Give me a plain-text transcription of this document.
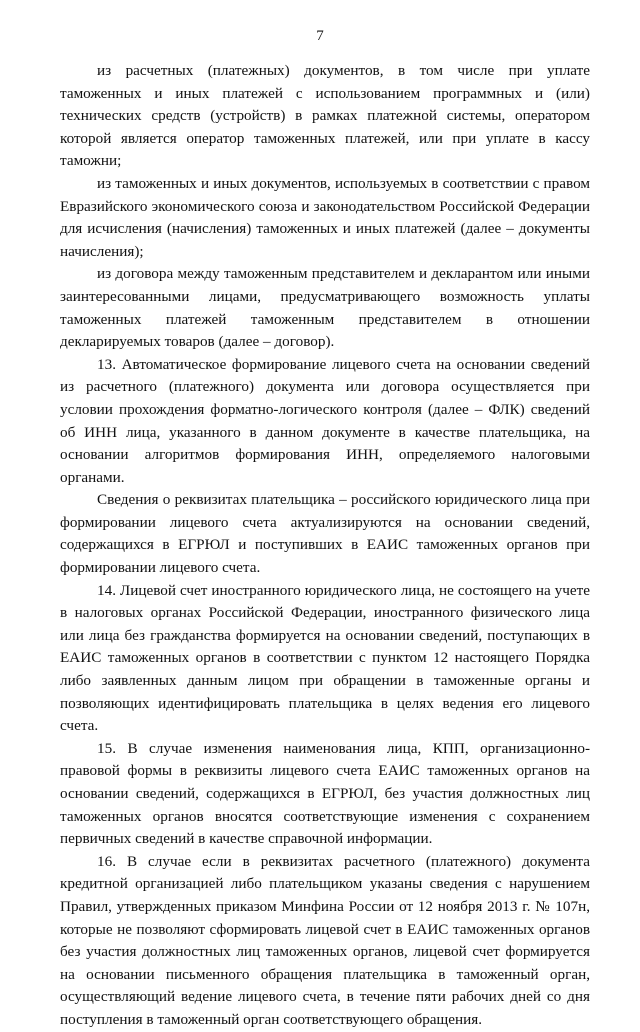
7

из расчетных (платежных) документов, в том числе при уплате таможенных и иных платежей с использованием программных и (или) технических средств (устройств) в рамках платежной системы, оператором которой является оператор таможенных платежей, или при уплате в кассу таможни;

из таможенных и иных документов, используемых в соответствии с правом Евразийского экономического союза и законодательством Российской Федерации для исчисления (начисления) таможенных и иных платежей (далее – документы начисления);

из договора между таможенным представителем и декларантом или иными заинтересованными лицами, предусматривающего возможность уплаты таможенных платежей таможенным представителем в отношении декларируемых товаров (далее – договор).

13. Автоматическое формирование лицевого счета на основании сведений из расчетного (платежного) документа или договора осуществляется при условии прохождения форматно-логического контроля (далее – ФЛК) сведений об ИНН лица, указанного в данном документе в качестве плательщика, на основании алгоритмов формирования ИНН, определяемого налоговыми органами.

Сведения о реквизитах плательщика – российского юридического лица при формировании лицевого счета актуализируются на основании сведений, содержащихся в ЕГРЮЛ и поступивших в ЕАИС таможенных органов при формировании лицевого счета.

14. Лицевой счет иностранного юридического лица, не состоящего на учете в налоговых органах Российской Федерации, иностранного физического лица или лица без гражданства формируется на основании сведений, поступающих в ЕАИС таможенных органов в соответствии с пунктом 12 настоящего Порядка либо заявленных данным лицом при обращении в таможенные органы и позволяющих идентифицировать плательщика в целях ведения его лицевого счета.

15. В случае изменения наименования лица, КПП, организационно-правовой формы в реквизиты лицевого счета ЕАИС таможенных органов на основании сведений, содержащихся в ЕГРЮЛ, без участия должностных лиц таможенных органов вносятся соответствующие изменения с сохранением первичных сведений в качестве справочной информации.

16. В случае если в реквизитах расчетного (платежного) документа кредитной организацией либо плательщиком указаны сведения с нарушением Правил, утвержденных приказом Минфина России от 12 ноября 2013 г. № 107н, которые не позволяют сформировать лицевой счет в ЕАИС таможенных органов без участия должностных лиц таможенных органов, лицевой счет формируется на основании письменного обращения плательщика в таможенный орган, осуществляющий ведение лицевого счета, в течение пяти рабочих дней со дня поступления в таможенный орган соответствующего обращения.
